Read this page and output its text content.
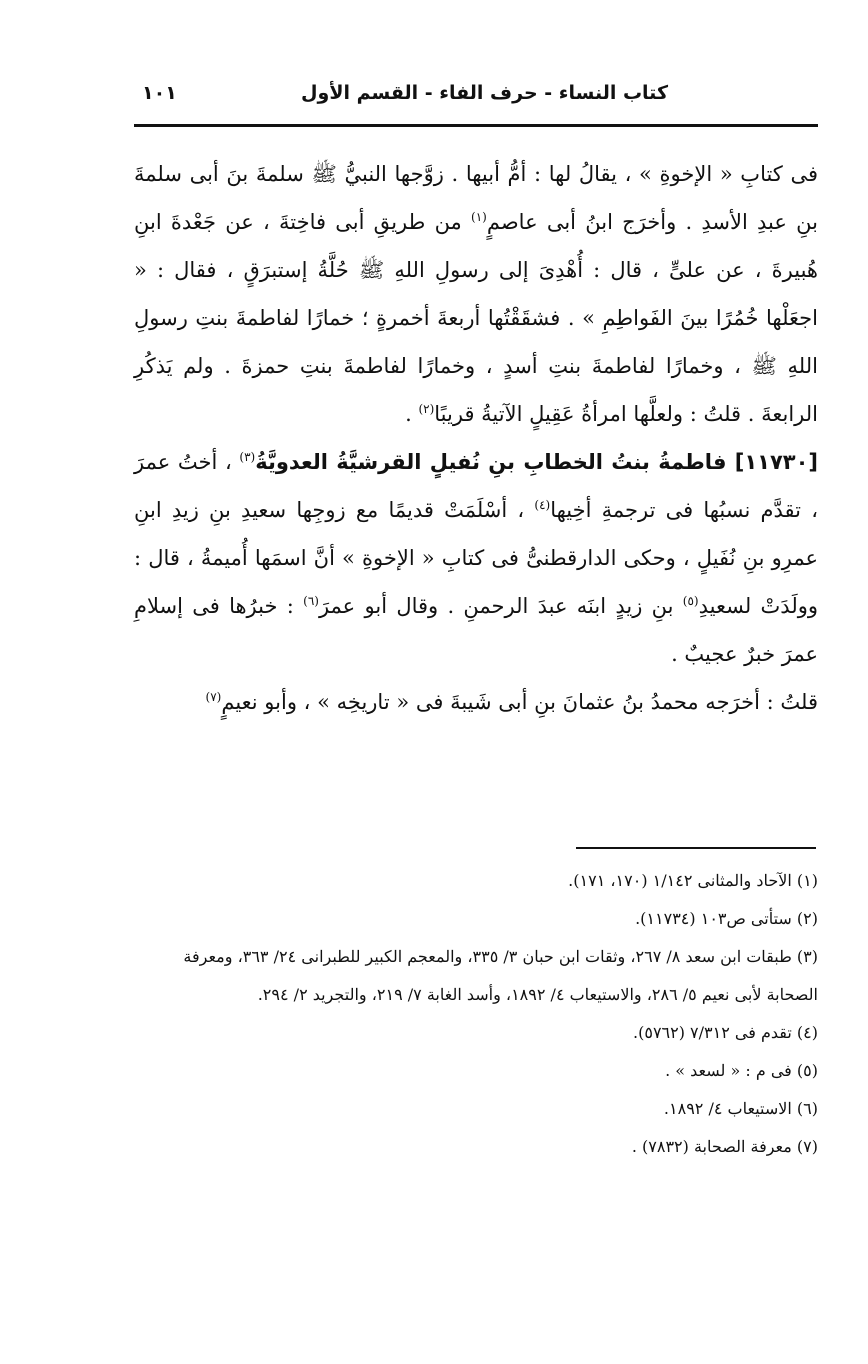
كتاب النساء - حرف الفاء - القسم الأول
١٠١

فى كتابِ « الإخوةِ » ، يقالُ لها : أمُّ أبيها . زوَّجها النبيُّ ﷺ سلمةَ بنَ أبى سلمةَ بنِ عبدِ الأسدِ . وأخرَج ابنُ أبى عاصمٍ$^{(١)}$ من طريقِ أبى فاخِتةَ ، عن جَعْدةَ ابنِ هُبيرةَ ، عن علىٍّ ، قال : أُهْدِىَ إلى رسولِ اللهِ ﷺ حُلَّةُ إستبرَقٍ ، فقال : « اجعَلْها خُمُرًا بينَ الفَواطِمِ » . فشقَقْتُها أربعةَ أخمرةٍ ؛ خمارًا لفاطمةَ بنتِ رسولِ اللهِ ﷺ ، وخمارًا لفاطمةَ بنتِ أسدٍ ، وخمارًا لفاطمةَ بنتِ حمزةَ . ولم يَذكُرِ الرابعةَ . قلتُ : ولعلَّها امرأةُ عَقِيلٍ الآتيةُ قريبًا$^{(٢)}$ .

[١١٧٣٠] فاطمةُ بنتُ الخطابِ بنِ نُفيلٍ القرشيَّةُ العدويَّةُ$^{(٣)}$ ، أختُ عمرَ ، تقدَّم نسبُها فى ترجمةِ أخِيها$^{(٤)}$ ، أسْلَمَتْ قديمًا مع زوجِها سعيدِ بنِ زيدِ ابنِ عمرِو بنِ نُفَيلٍ ، وحكى الدارقطنىُّ فى كتابِ « الإخوةِ » أنَّ اسمَها أُميمةُ ، قال : وولَدَتْ لسعيدِ$^{(٥)}$ بنِ زيدٍ ابنَه عبدَ الرحمنِ . وقال أبو عمرَ$^{(٦)}$ : خبرُها فى إسلامِ عمرَ خبرٌ عجيبٌ .

قلتُ : أخرَجه محمدُ بنُ عثمانَ بنِ أبى شَيبةَ فى « تاريخِه » ، وأبو نعيمٍ$^{(٧)}$

(١) الآحاد والمثانى ١/١٤٢ (١٧٠، ١٧١).

(٢) ستأتى ص١٠٣ (١١٧٣٤).

(٣) طبقات ابن سعد ٨/ ٢٦٧، وثقات ابن حبان ٣/ ٣٣٥، والمعجم الكبير للطبرانى ٢٤/ ٣٦٣، ومعرفة الصحابة لأبى نعيم ٥/ ٢٨٦، والاستيعاب ٤/ ١٨٩٢، وأسد الغابة ٧/ ٢١٩، والتجريد ٢/ ٢٩٤.

(٤) تقدم فى ٧/٣١٢ (٥٧٦٢).

(٥) فى م : « لسعد » .

(٦) الاستيعاب ٤/ ١٨٩٢.

(٧) معرفة الصحابة (٧٨٣٢) .
